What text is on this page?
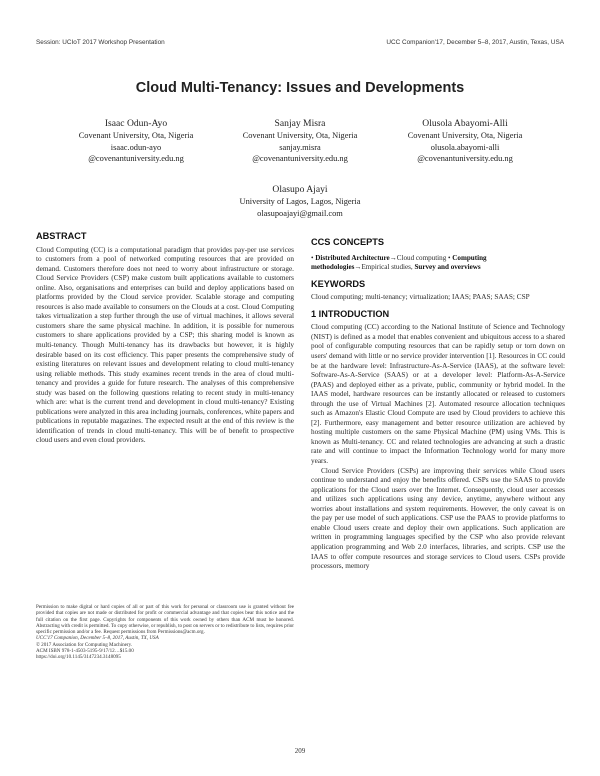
Session: UCIoT 2017 Workshop Presentation	UCC Companion'17, December 5–8, 2017, Austin, Texas, USA
Cloud Multi-Tenancy: Issues and Developments
Isaac Odun-Ayo
Covenant University, Ota, Nigeria
isaac.odun-ayo
@covenantuniversity.edu.ng
Sanjay Misra
Covenant University, Ota, Nigeria
sanjay.misra
@covenantuniversity.edu.ng
Olusola Abayomi-Alli
Covenant University, Ota, Nigeria
olusola.abayomi-alli
@covenantuniversity.edu.ng
Olasupo Ajayi
University of Lagos, Lagos, Nigeria
olasupoajayi@gmail.com

ABSTRACT

Cloud Computing (CC) is a computational paradigm that provides pay-per use services to customers from a pool of networked computing resources that are provided on demand. Customers therefore does not need to worry about infrastructure or storage. Cloud Service Providers (CSP) make custom built applications available to customers online. Also, organisations and enterprises can build and deploy applications based on platforms provided by the Cloud service provider. Scalable storage and computing resources is also made available to consumers on the Clouds at a cost. Cloud Computing takes virtualization a step further through the use of virtual machines, it allows several customers share the same physical machine. In addition, it is possible for numerous customers to share applications provided by a CSP; this sharing model is known as multi-tenancy. Though Multi-tenancy has its drawbacks but however, it is highly desirable based on its cost efficiency. This paper presents the comprehensive study of existing literatures on relevant issues and development relating to cloud multi-tenancy using reliable methods. This study examines recent trends in the area of cloud multi-tenancy and provides a guide for future research. The analyses of this comprehensive study was based on the following questions relating to recent study in multi-tenancy which are: what is the current trend and development in cloud multi-tenancy? Existing publications were analyzed in this area including journals, conferences, white papers and publications in reputable magazines. The expected result at the end of this review is the identification of trends in cloud multi-tenancy. This will be of benefit to prospective cloud users and even cloud providers.

Permission to make digital or hard copies of all or part of this work for personal or classroom use is granted without fee provided that copies are not made or distributed for profit or commercial advantage and that copies bear this notice and the full citation on the first page. Copyrights for components of this work owned by others than ACM must be honored. Abstracting with credit is permitted. To copy otherwise, or republish, to post on servers or to redistribute to lists, requires prior specific permission and/or a fee. Request permissions from Permissions@acm.org.
UCC'17 Companion, December 5–8, 2017, Austin, TX, USA
© 2017 Association for Computing Machinery.
ACM ISBN 978-1-4503-5195-9/17/12…$15.00
https://doi.org/10.1145/3147234.3148095

CCS CONCEPTS

• Distributed Architecture→Cloud computing • Computing methodologies→Empirical studies, Survey and overviews

KEYWORDS

Cloud computing; multi-tenancy; virtualization; IAAS; PAAS; SAAS; CSP

1 INTRODUCTION

Cloud computing (CC) according to the National Institute of Science and Technology (NIST) is defined as a model that enables convenient and ubiquitous access to a shared pool of configurable computing resources that can be rapidly setup or torn down on users' demand with little or no service provider intervention [1]. Resources in CC could be at the hardware level: Infrastructure-As-A-Service (IAAS), at the software level: Software-As-A-Service (SAAS) or at a developer level: Platform-As-A-Service (PAAS) and deployed either as a private, public, community or hybrid model. In the IAAS model, hardware resources can be instantly allocated or released to customers through the use of Virtual Machines [2]. Automated resource allocation techniques such as Amazon's Elastic Cloud Compute are used by Cloud providers to achieve this [2]. Furthermore, easy management and better resource utilization are achieved by hosting multiple customers on the same Physical Machine (PM) using VMs. This is known as Multi-tenancy. CC and related technologies are advancing at such a drastic rate and will continue to impact the Information Technology world for many more years.

Cloud Service Providers (CSPs) are improving their services while Cloud users continue to understand and enjoy the benefits offered. CSPs use the SAAS to provide applications for the Cloud users over the Internet. Consequently, cloud user accesses and utilizes such applications using any device, anytime, anywhere without any worries about installations and system requirements. However, the only caveat is on the pay per use model of such applications. CSP use the PAAS to provide platforms to enable Cloud users create and deploy their own applications. Such application are written in programming languages specified by the CSP who also provide relevant application programming and Web 2.0 interfaces, libraries, and scripts. CSP use the IAAS to offer compute resources and storage services to Cloud users. CSPs provide processors, memory

209
